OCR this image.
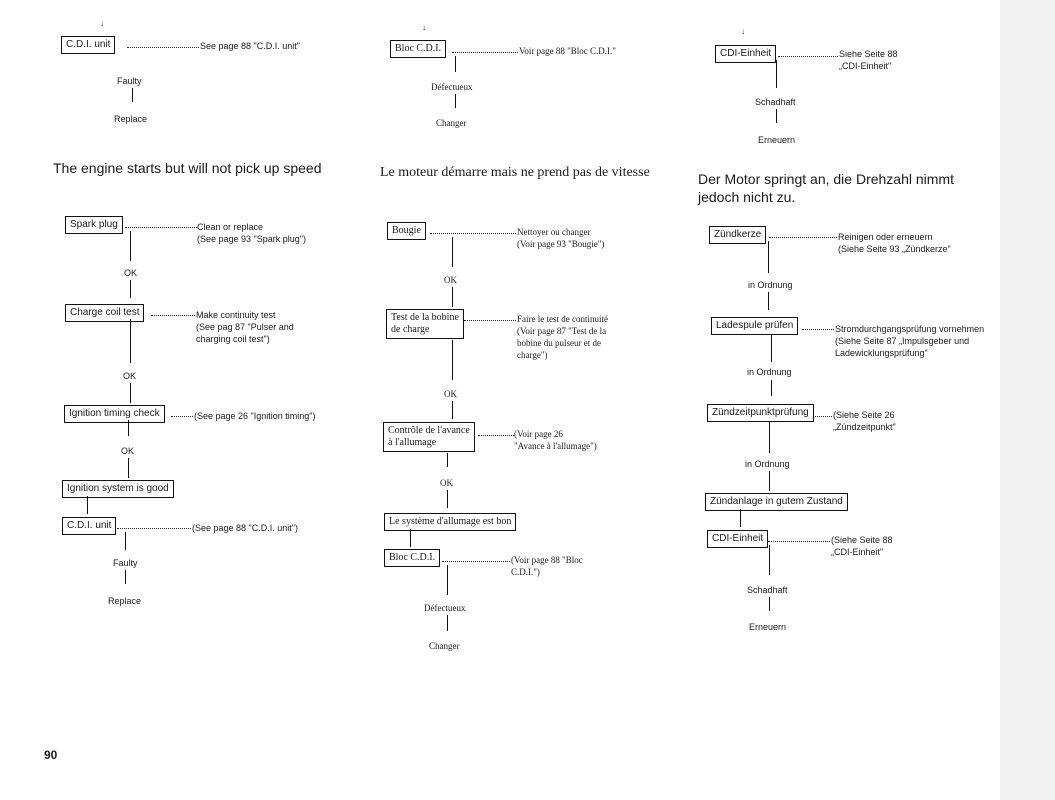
↓
C.D.I. unit	See page 88 "C.D.I. unit"
Faulty
Replace
The engine starts but will not pick up speed
Spark plug	Clean or replace
(See page 93 "Spark plug")
OK
Charge coil test	Make continuity test
(See pag 87 "Pulser and
charging coil test")
OK
Ignition timing check	(See page 26 "Ignition timing")
OK
Ignition system is good
C.D.I. unit	(See page 88 "C.D.I. unit")
Faulty
Replace
↓
Bloc C.D.I.	Voir page 88 "Bloc C.D.I."
Défectueux
Changer
Le moteur démarre mais ne prend pas de vitesse
Bougie	Nettoyer ou changer
(Voir page 93 "Bougie")
OK
Test de la bobine
de charge
Faire le test de continuité
(Voir page 87 "Test de la
bobine du pulseur et de
charge")
OK
Contrôle de l'avance
à l'allumage
(Voir page 26
"Avance à l'allumage")
OK
Le système d'allumage est bon
Bloc C.D.I.	(Voir page 88 "Bloc
C.D.I.")
Défectueux
Changer
↓
CDI-Einheit	Siehe Seite 88
„CDI-Einheit"
Schadhaft
Erneuern
Der Motor springt an, die Drehzahl nimmt jedoch nicht zu.
Zündkerze	Reinigen oder erneuern
(Siehe Seite 93 „Zündkerze"
in Ordnung
Ladespule prüfen	Stromdurchgangsprüfung vornehmen
(Siehe Seite 87 „Impulsgeber und
Ladewicklungsprüfung"
in Ordnung
Zündzeitpunktprüfung	(Siehe Seite 26
„Zündzeitpunkt"
in Ordnung
Zündanlage in gutem Zustand
CDI-Einheit	(Siehe Seite 88
„CDI-Einheit"
Schadhaft
Erneuern
90
